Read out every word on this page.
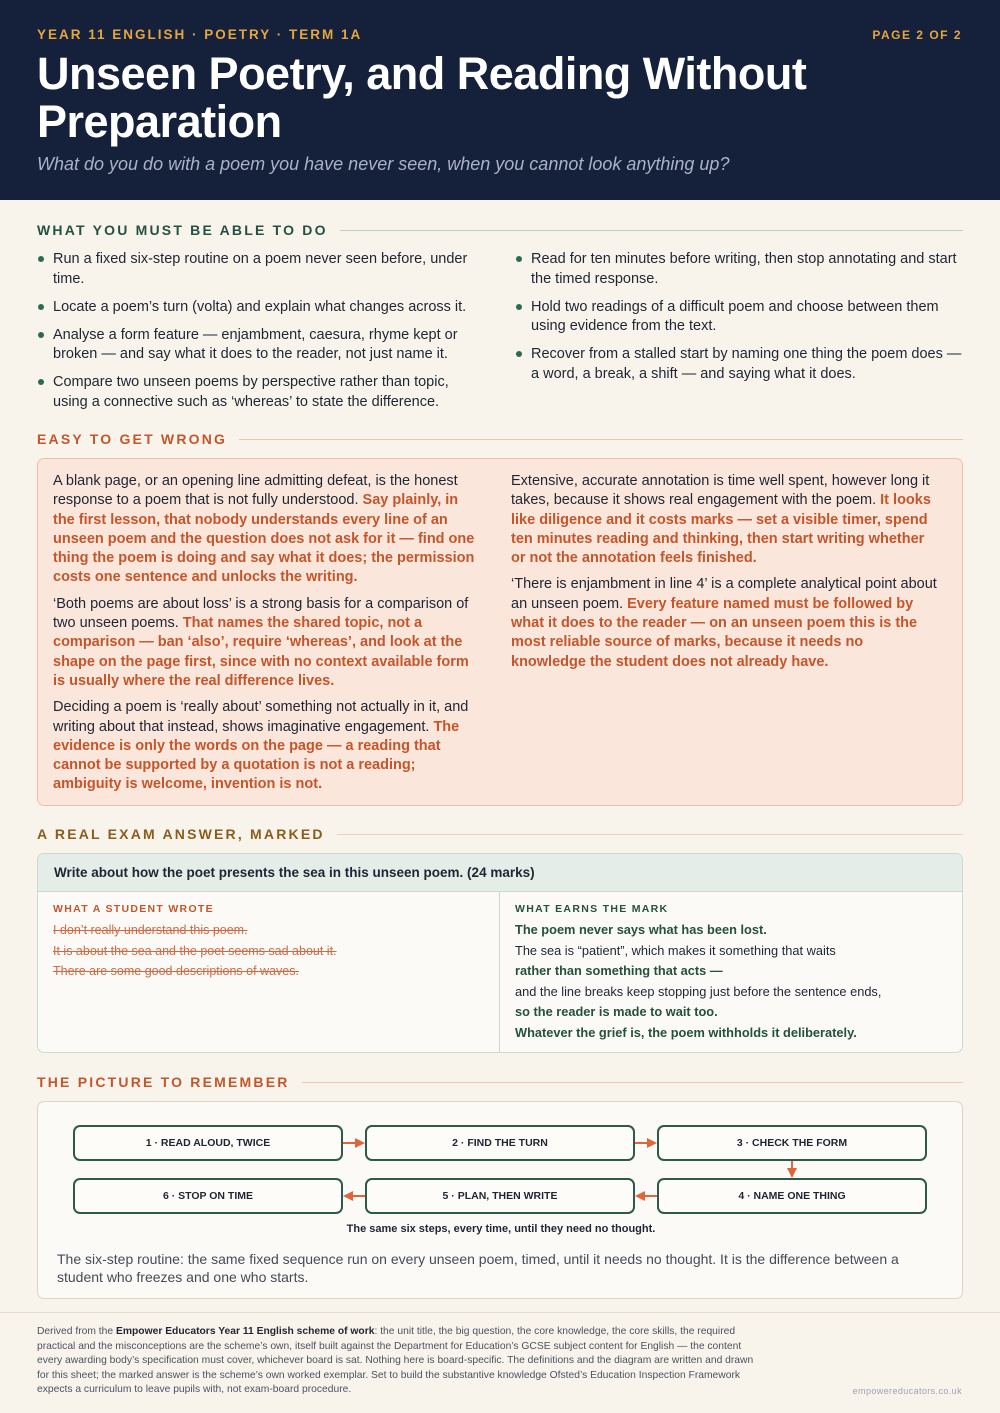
YEAR 11 ENGLISH · POETRY · TERM 1A	PAGE 2 OF 2
Unseen Poetry, and Reading Without Preparation
What do you do with a poem you have never seen, when you cannot look anything up?
WHAT YOU MUST BE ABLE TO DO
Run a fixed six-step routine on a poem never seen before, under time.
Locate a poem’s turn (volta) and explain what changes across it.
Analyse a form feature — enjambment, caesura, rhyme kept or broken — and say what it does to the reader, not just name it.
Compare two unseen poems by perspective rather than topic, using a connective such as ‘whereas’ to state the difference.
Read for ten minutes before writing, then stop annotating and start the timed response.
Hold two readings of a difficult poem and choose between them using evidence from the text.
Recover from a stalled start by naming one thing the poem does — a word, a break, a shift — and saying what it does.
EASY TO GET WRONG

A blank page, or an opening line admitting defeat, is the honest response to a poem that is not fully understood. Say plainly, in the first lesson, that nobody understands every line of an unseen poem and the question does not ask for it — find one thing the poem is doing and say what it does; the permission costs one sentence and unlocks the writing.

‘Both poems are about loss’ is a strong basis for a comparison of two unseen poems. That names the shared topic, not a comparison — ban ‘also’, require ‘whereas’, and look at the shape on the page first, since with no context available form is usually where the real difference lives.

Deciding a poem is ‘really about’ something not actually in it, and writing about that instead, shows imaginative engagement. The evidence is only the words on the page — a reading that cannot be supported by a quotation is not a reading; ambiguity is welcome, invention is not.

Extensive, accurate annotation is time well spent, however long it takes, because it shows real engagement with the poem. It looks like diligence and it costs marks — set a visible timer, spend ten minutes reading and thinking, then start writing whether or not the annotation feels finished.

‘There is enjambment in line 4’ is a complete analytical point about an unseen poem. Every feature named must be followed by what it does to the reader — on an unseen poem this is the most reliable source of marks, because it needs no knowledge the student does not already have.

A REAL EXAM ANSWER, MARKED
Write about how the poet presents the sea in this unseen poem. (24 marks)
WHAT A STUDENT WROTE
I don’t really understand this poem.
It is about the sea and the poet seems sad about it.
There are some good descriptions of waves.
WHAT EARNS THE MARK
The poem never says what has been lost.
The sea is “patient”, which makes it something that waits
rather than something that acts —
and the line breaks keep stopping just before the sentence ends,
so the reader is made to wait too.
Whatever the grief is, the poem withholds it deliberately.
THE PICTURE TO REMEMBER
1 · READ ALOUD, TWICE	2 · FIND THE TURN	3 · CHECK THE FORM
4 · NAME ONE THING
5 · PLAN, THEN WRITE
6 · STOP ON TIME
The same six steps, every time, until they need no thought.
The six-step routine: the same fixed sequence run on every unseen poem, timed, until it needs no thought. It is the difference between a student who freezes and one who starts.

Derived from the Empower Educators Year 11 English scheme of work: the unit title, the big question, the core knowledge, the core skills, the required practical and the misconceptions are the scheme’s own, itself built against the Department for Education’s GCSE subject content for English — the content every awarding body’s specification must cover, whichever board is sat. Nothing here is board-specific. The definitions and the diagram are written and drawn for this sheet; the marked answer is the scheme’s own worked exemplar. Set to build the substantive knowledge Ofsted’s Education Inspection Framework expects a curriculum to leave pupils with, not exam-board procedure.	empowereducators.co.uk
